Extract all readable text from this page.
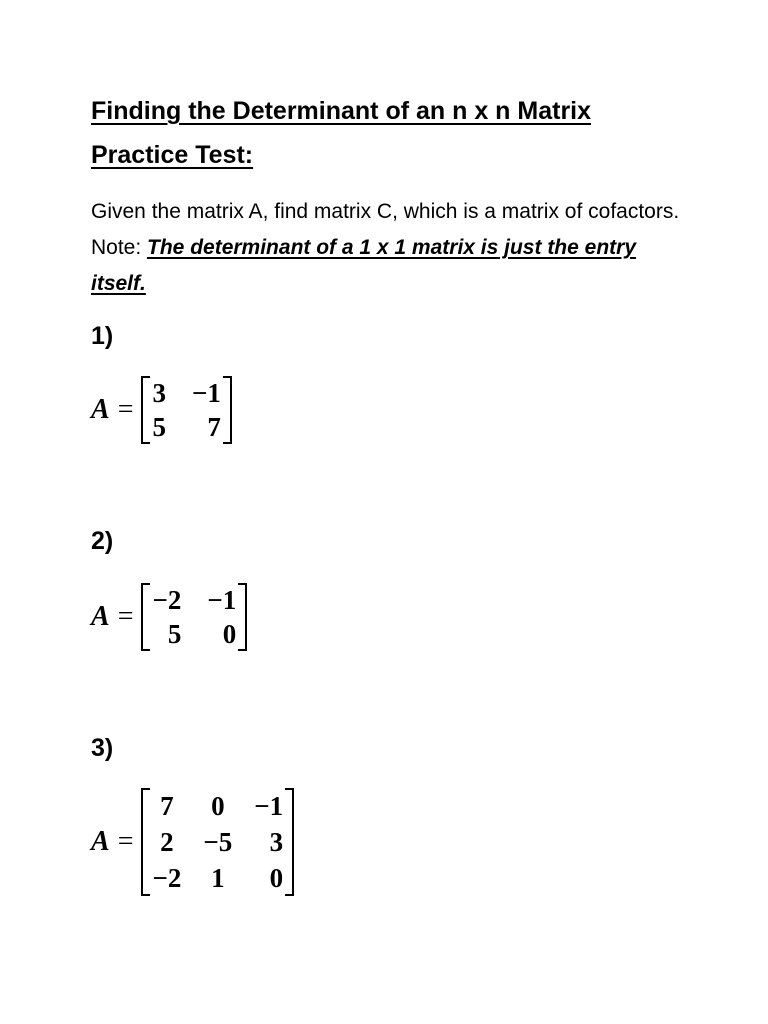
Finding the Determinant of an n x n Matrix
Practice Test:

Given the matrix A, find matrix C, which is a matrix of cofactors. Note: The determinant of a 1 x 1 matrix is just the entry itself.

1)
A =
3 −1
5	7
2)
A =
−2 −1
5	0
3)
A =
7 0 −1
2 −5	3
−2 1	0
